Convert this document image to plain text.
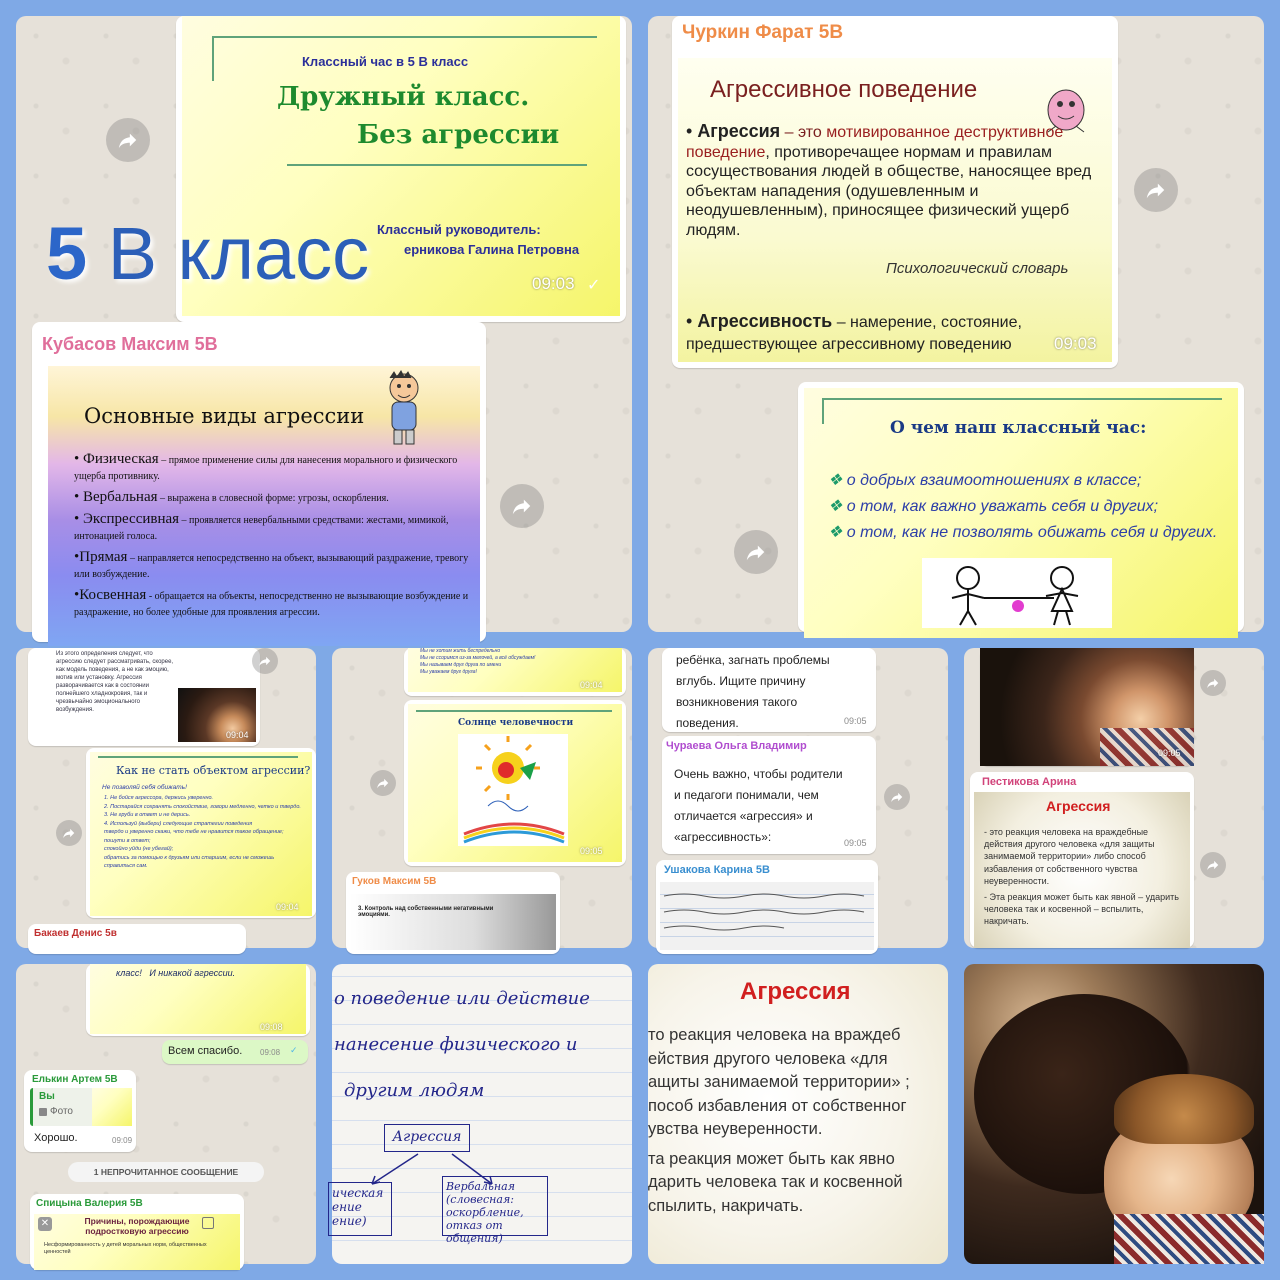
Классный час в 5 В класс
Дружный класс.
Без агрессии
Классный руководитель:
ерникова Галина Петровна
09:03 ✓
5 В класс
Кубасов Максим 5В
Основные виды агрессии

• Физическая – прямое применение силы для нанесения морального и физического ущерба противнику.

• Вербальная – выражена в словесной форме: угрозы, оскорбления.

• Экспрессивная – проявляется невербальными средствами: жестами, мимикой, интонацией голоса.

•Прямая – направляется непосредственно на объект, вызывающий раздражение, тревогу или возбуждение.

•Косвенная - обращается на объекты, непосредственно не вызывающие возбуждение и раздражение, но более удобные для проявления агрессии.

Чуркин Фарат 5В
Агрессивное поведение
• Агрессия – это мотивированное деструктивное поведение, противоречащее нормам и правилам сосуществования людей в обществе, наносящее вред объектам нападения (одушевленным и неодушевленным), приносящее физический ущерб людям.
Психологический словарь
• Агрессивность – намерение, состояние, предшествующее агрессивному поведению	09:03
О чем наш классный час:
❖ о добрых взаимоотношениях в классе;
❖ о том, как важно уважать себя и других;
❖ о том, как не позволять обижать себя и других.
Из этого определения следует, что агрессию следует рассматривать, скорее, как модель поведения, а не как эмоцию, мотив или установку. Агрессия разворачивается как в состоянии полнейшего хладнокровия, так и чрезвычайно эмоционального возбуждения.
09:04
Как не стать объектом агрессии?
Не позволяй себя обижать!
1. Не бойся агрессора, держись уверенно.
2. Постарайся сохранять спокойствие, говори медленно, четко и твердо.
3. Не груби в ответ и не дерись.
4. Используй (выбери) следующие стратегии поведения
твердо и уверенно скажи, что тебе не нравится такое обращение;
пошути в ответ;
спокойно уйди (не убегай);
обратись за помощью к друзьям или старшим, если не сможешь справиться сам.
09:04
Бакаев Денис 5в
Мы не хотим жить беспредельно
Мы не ссоримся из-за мелочей, а всё обсуждаем!
Мы называем друг друга по имени
Мы уважаем друг друга!
09:04
Солнце человечности
09:05
Гуков Максим 5В
3. Контроль над собственными негативными эмоциями.
ребёнка, загнать проблемы
вглубь. Ищите причину
возникновения такого
поведения.	09:05
Чураева Ольга Владимир
Очень важно, чтобы родители
и педагоги понимали, чем
отличается «агрессия» и
«агрессивность»:	09:05
Ушакова Карина 5В
09:05
Пестикова Арина
Агрессия
- это реакция человека на враждебные действия другого человека «для защиты занимаемой территории» либо способ избавления от собственного чувства неуверенности.
- Эта реакция может быть как явной – ударить человека так и косвенной – вспылить, накричать.
класс!   И никакой агрессии.
09:08
Всем спасибо. 09:08 ✓
Елькин Артем 5В
Вы
Фото
Хорошо.	09:09
1 НЕПРОЧИТАННОЕ СООБЩЕНИЕ
Спицына Валерия 5В
✕	Причины, порождающие подростковую агрессию
Несформированность у детей моральных норм, общественных ценностей
о поведение или действие
нанесение физического и
другим людям
Агрессия
ическая ение ение)
Вербальная (словесная: оскорбление, отказ от общения)
Агрессия
то реакция человека на враждеб
ействия другого человека «для
ащиты занимаемой территории» ;
пособ избавления от собственног
увства неуверенности.
та реакция может быть как явно
дарить человека так и косвенной
спылить, накричать.
